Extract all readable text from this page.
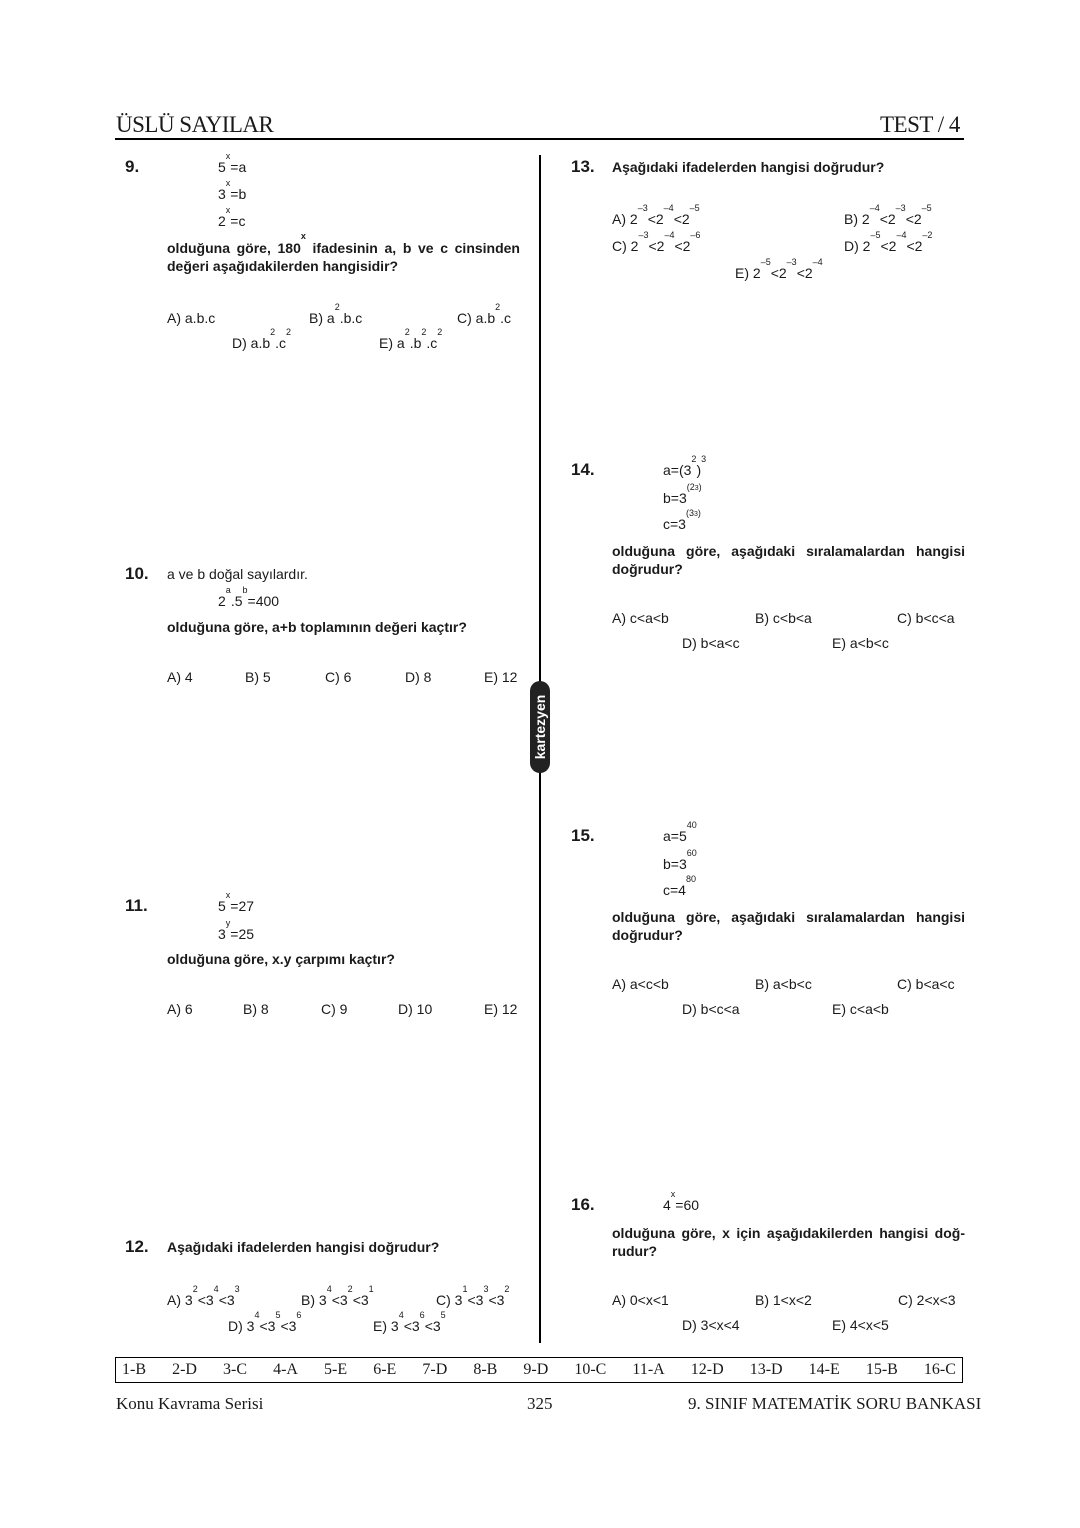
ÜSLÜ SAYILAR	TEST / 4
kartezyen
9.	$5^x=a$
$3^x=b$
$2^x=c$
olduğuna göre, 180$^x$ ifadesinin a, b ve c cinsinden
değeri aşağıdakilerden hangisidir?
A) a.b.c	B) $a^2.b.c$	C) $a.b^2.c$
D) $a.b^2.c^2$
E) $a^2.b^2.c^2$
10. a ve b doğal sayılardır.
$2^a.5^b=400$
olduğuna göre, a+b toplamının değeri kaçtır?
A) 4	B) 5	C) 6	D) 8	E) 12
11.	$5^x=27$
$3^y=25$
olduğuna göre, x.y çarpımı kaçtır?
A) 6	B) 8	C) 9	D) 10	E) 12
12. Aşağıdaki ifadelerden hangisi doğrudur?
A) $3^2<3^4<3^3$
B) $3^4<3^2<3^1$
C) $3^1<3^3<3^2$
D) $3^4<3^5<3^6$
E) $3^4<3^6<3^5$
13. Aşağıdaki ifadelerden hangisi doğrudur?
A) $2^{-3}<2^{-4}<2^{-5}$
B) $2^{-4}<2^{-3}<2^{-5}$
C) $2^{-3}<2^{-4}<2^{-6}$
D) $2^{-5}<2^{-4}<2^{-2}$
E) $2^{-5}<2^{-3}<2^{-4}$
14.	$a=(3^2)^3$
$b=3^{(23)}$
$c=3^{(33)}$
olduğuna göre, aşağıdaki sıralamalardan hangisi
doğrudur?
A) c<a<b	B) c<b<a	C) b<c<a
D) b<a<c	E) a<b<c
15.	$a=5^{40}$
$b=3^{60}$
$c=4^{80}$
olduğuna göre, aşağıdaki sıralamalardan hangisi
doğrudur?
A) a<c<b	B) a<b<c	C) b<a<c
D) b<c<a	E) c<a<b
16.	$4^x=60$
olduğuna göre, x için aşağıdakilerden hangisi doğ-
rudur?
A) 0<x<1	B) 1<x<2	C) 2<x<3
D) 3<x<4	E) 4<x<5
1-B 2-D 3-C 4-A 5-E 6-E 7-D 8-B 9-D 10-C 11-A 12-D 13-D 14-E 15-B 16-C
Konu Kavrama Serisi	325	9. SINIF MATEMATİK SORU BANKASI
